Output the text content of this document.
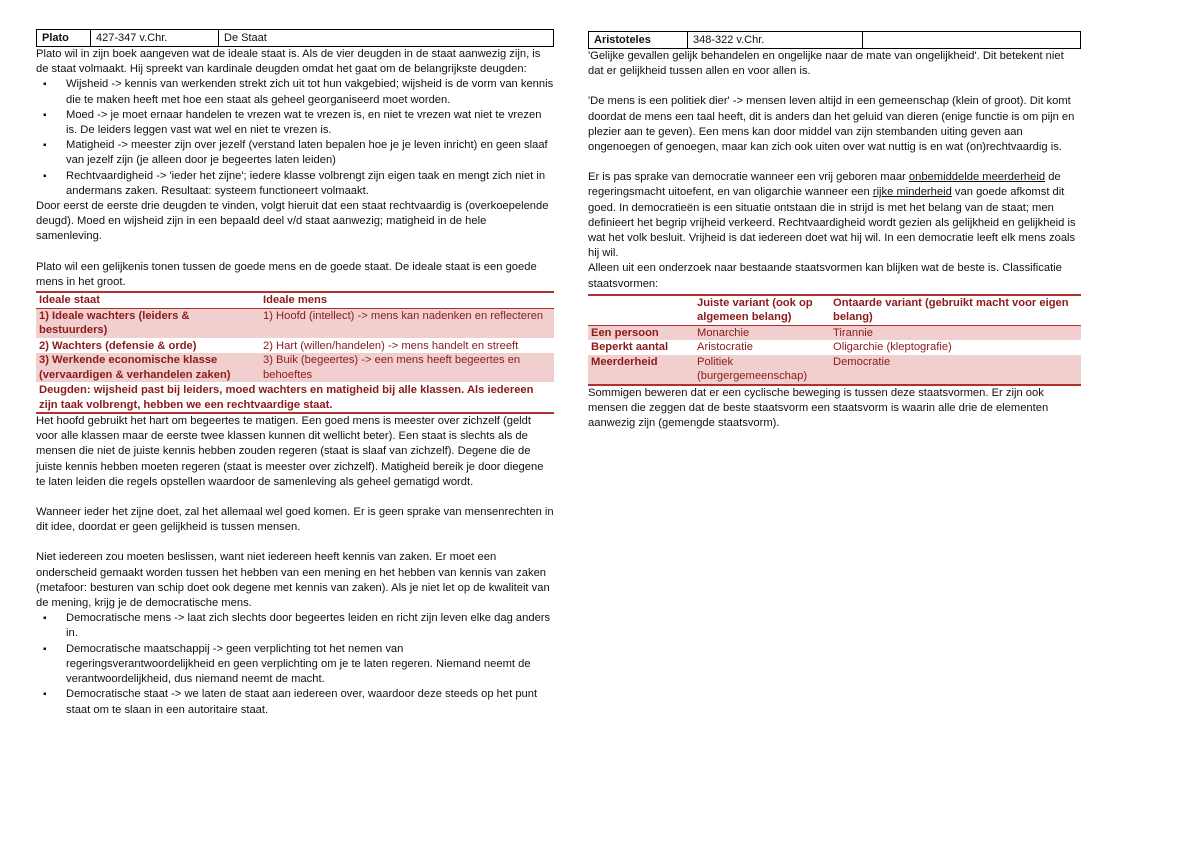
Plato	427-347 v.Chr.	De Staat

Plato wil in zijn boek aangeven wat de ideale staat is. Als de vier deugden in de staat aanwezig zijn, is de staat volmaakt. Hij spreekt van kardinale deugden omdat het gaat om de belangrijkste deugden:

▪ Wijsheid -> kennis van werkenden strekt zich uit tot hun vakgebied; wijsheid is de vorm van kennis die te maken heeft met hoe een staat als geheel georganiseerd moet worden.
▪ Moed -> je moet ernaar handelen te vrezen wat te vrezen is, en niet te vrezen wat niet te vrezen is. De leiders leggen vast wat wel en niet te vrezen is.
▪ Matigheid -> meester zijn over jezelf (verstand laten bepalen hoe je je leven inricht) en geen slaaf van jezelf zijn (je alleen door je begeertes laten leiden)
▪ Rechtvaardigheid -> 'ieder het zijne'; iedere klasse volbrengt zijn eigen taak en mengt zich niet in andermans zaken. Resultaat: systeem functioneert volmaakt.

Door eerst de eerste drie deugden te vinden, volgt hieruit dat een staat rechtvaardig is (overkoepelende deugd). Moed en wijsheid zijn in een bepaald deel v/d staat aanwezig; matigheid in de hele samenleving.

Plato wil een gelijkenis tonen tussen de goede mens en de goede staat. De ideale staat is een goede mens in het groot.

Ideale staat	Ideale mens
1) Ideale wachters (leiders & bestuurders)	1) Hoofd (intellect) -> mens kan nadenken en reflecteren
2) Wachters (defensie & orde)	2) Hart (willen/handelen) -> mens handelt en streeft
3) Werkende economische klasse (vervaardigen & verhandelen zaken)	3) Buik (begeertes) -> een mens heeft begeertes en behoeftes
Deugden: wijsheid past bij leiders, moed wachters en matigheid bij alle klassen. Als iedereen zijn taak volbrengt, hebben we een rechtvaardige staat.	

Het hoofd gebruikt het hart om begeertes te matigen. Een goed mens is meester over zichzelf (geldt voor alle klassen maar de eerste twee klassen kunnen dit wellicht beter). Een staat is slechts als de mensen die niet de juiste kennis hebben zouden regeren (staat is slaaf van zichzelf). Degene die de juiste kennis hebben moeten regeren (staat is meester over zichzelf). Matigheid bereik je door diegene te laten leiden die regels opstellen waardoor de samenleving als geheel gematigd wordt.

Wanneer ieder het zijne doet, zal het allemaal wel goed komen. Er is geen sprake van mensenrechten in dit idee, doordat er geen gelijkheid is tussen mensen.

Niet iedereen zou moeten beslissen, want niet iedereen heeft kennis van zaken. Er moet een onderscheid gemaakt worden tussen het hebben van een mening en het hebben van kennis van zaken (metafoor: besturen van schip doet ook degene met kennis van zaken). Als je niet let op de kwaliteit van de mening, krijg je de democratische mens.

▪ Democratische mens -> laat zich slechts door begeertes leiden en richt zijn leven elke dag anders in.
▪ Democratische maatschappij -> geen verplichting tot het nemen van regeringsverantwoordelijkheid en geen verplichting om je te laten regeren. Niemand neemt de verantwoordelijkheid, dus niemand neemt de macht.
▪ Democratische staat -> we laten de staat aan iedereen over, waardoor deze steeds op het punt staat om te slaan in een autoritaire staat.
Aristoteles	348-322 v.Chr.	

'Gelijke gevallen gelijk behandelen en ongelijke naar de mate van ongelijkheid'. Dit betekent niet dat er gelijkheid tussen allen en voor allen is.

'De mens is een politiek dier' -> mensen leven altijd in een gemeenschap (klein of groot). Dit komt doordat de mens een taal heeft, dit is anders dan het geluid van dieren (enige functie is om pijn en plezier aan te geven). Een mens kan door middel van zijn stembanden uiting geven aan ongenoegen of genoegen, maar kan zich ook uiten over wat nuttig is en wat (on)rechtvaardig is.

Er is pas sprake van democratie wanneer een vrij geboren maar onbemiddelde meerderheid de regeringsmacht uitoefent, en van oligarchie wanneer een rijke minderheid van goede afkomst dit goed. In democratieën is een situatie ontstaan die in strijd is met het belang van de staat; men definieert het begrip vrijheid verkeerd. Rechtvaardigheid wordt gezien als gelijkheid en gelijkheid is wat het volk besluit. Vrijheid is dat iedereen doet wat hij wil. In een democratie leeft elk mens zoals hij wil.

Alleen uit een onderzoek naar bestaande staatsvormen kan blijken wat de beste is. Classificatie staatsvormen:

	Juiste variant (ook op algemeen belang)	Ontaarde variant (gebruikt macht voor eigen belang)
Een persoon	Monarchie	Tirannie
Beperkt aantal	Aristocratie	Oligarchie (kleptografie)
Meerderheid	Politiek (burgergemeenschap)	Democratie

Sommigen beweren dat er een cyclische beweging is tussen deze staatsvormen. Er zijn ook mensen die zeggen dat de beste staatsvorm een staatsvorm is waarin alle drie de elementen aanwezig zijn (gemengde staatsvorm).
